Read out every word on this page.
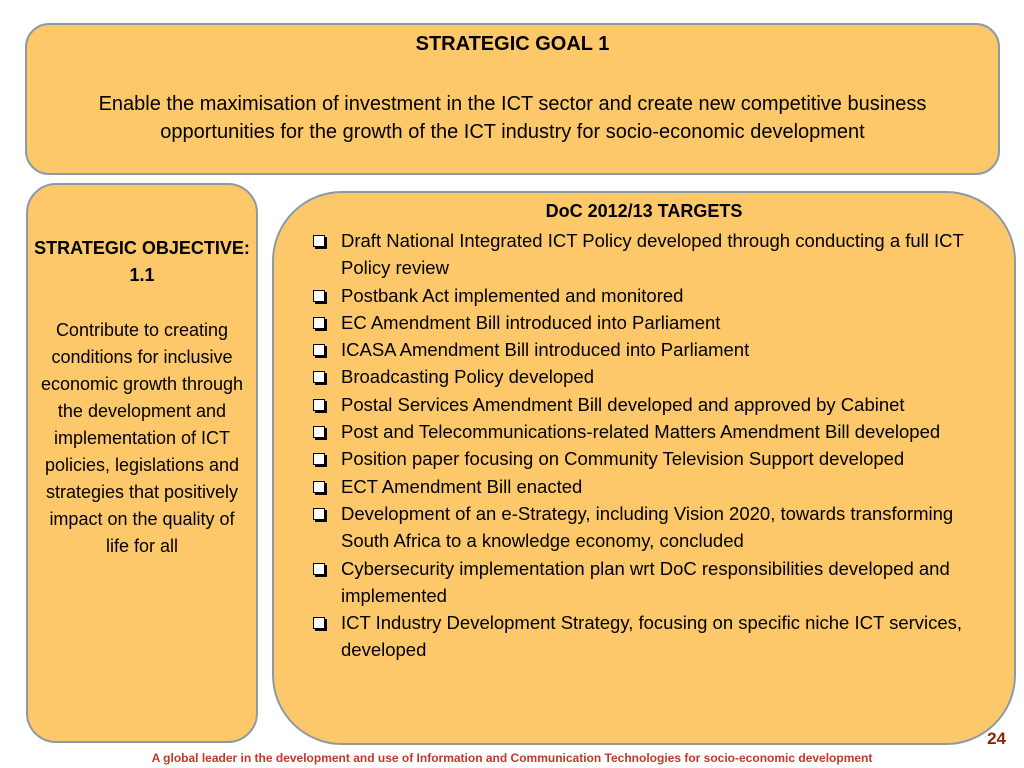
STRATEGIC GOAL 1
Enable the maximisation of investment in the ICT sector and create new competitive business opportunities for the growth of the ICT industry for socio-economic development
STRATEGIC OBJECTIVE: 1.1
Contribute to creating conditions for inclusive economic growth through the development and implementation of ICT policies, legislations and strategies that positively impact on the quality of life for all
DoC 2012/13 TARGETS
Draft National Integrated ICT Policy developed through conducting a full ICT Policy review
Postbank Act implemented and monitored
EC Amendment Bill introduced into Parliament
ICASA Amendment Bill introduced into Parliament
Broadcasting Policy developed
Postal Services Amendment Bill developed and approved by Cabinet
Post and Telecommunications-related Matters Amendment Bill developed
Position paper focusing on Community Television Support developed
ECT Amendment Bill enacted
Development of an e-Strategy, including Vision 2020, towards transforming South Africa to a knowledge economy, concluded
Cybersecurity implementation plan wrt DoC responsibilities developed and implemented
ICT Industry Development Strategy, focusing on specific niche ICT services, developed
24
A global leader in the development and use of Information and Communication Technologies for socio-economic development
